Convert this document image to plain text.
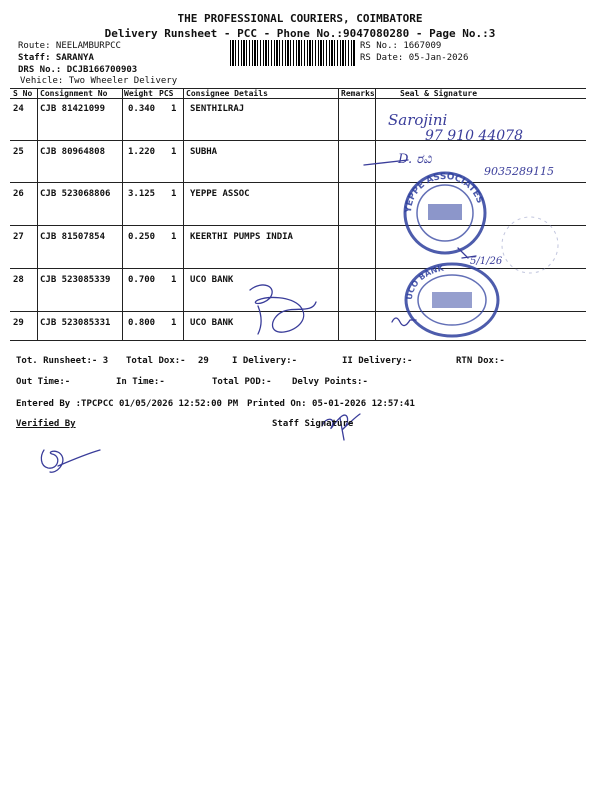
THE PROFESSIONAL COURIERS, COIMBATORE
Delivery Runsheet - PCC - Phone No.:9047080280 - Page No.:3
Route: NEELAMBURPCC
Staff: SARANYA
DRS No.: DCJB166700903
Vehicle: Two Wheeler Delivery
RS No.: 1667009
RS Date: 05-Jan-2026
S No Consignment No Weight PCS Consignee Details	Remarks	Seal & Signature
24 CJB 81421099	0.340 1 SENTHILRAJ
25 CJB 80964808	1.220 1 SUBHA
26 CJB 523068806 3.125 1 YEPPE ASSOC
27 CJB 81507854	0.250 1 KEERTHI PUMPS INDIA
28 CJB 523085339 0.700 1 UCO BANK
29 CJB 523085331 0.800 1 UCO BANK
Sarojini
97 910 44078
D. ರವಿ
9035289115
YEPPE ASSOCIATES
5/1/26
UCO BANK
Tot. Runsheet:- 3 Total Dox:- 29	I Delivery:-	II Delivery:-	RTN Dox:-
Out Time:-	In Time:-	Total POD:- Delvy Points:-
Entered By :TPCPCC 01/05/2026 12:52:00 PM Printed On: 05-01-2026 12:57:41
Verified By	Staff Signature
